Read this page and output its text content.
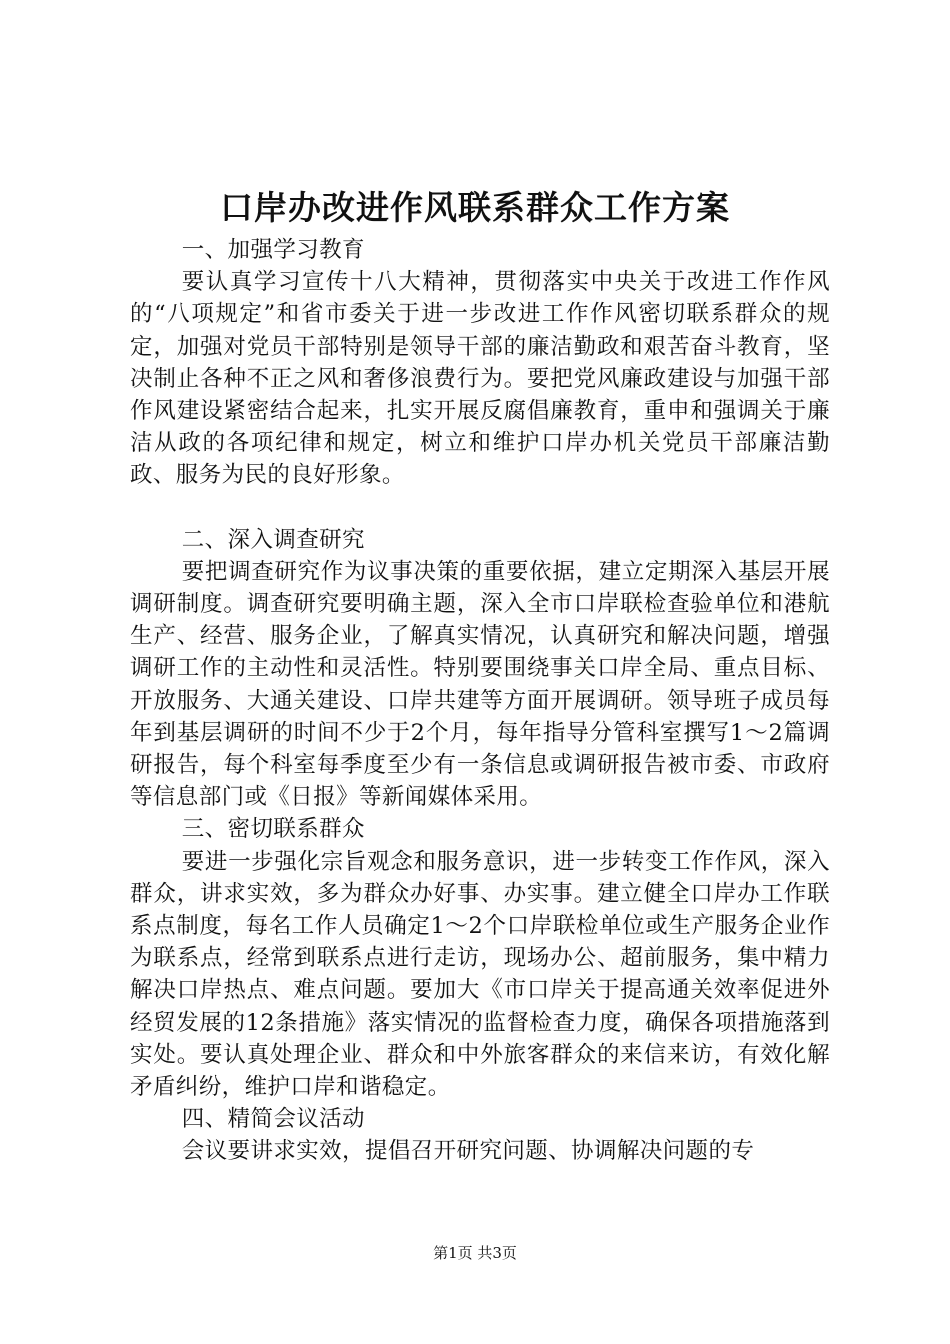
口岸办改进作风联系群众工作方案

一、加强学习教育

要认真学习宣传十八大精神，贯彻落实中央关于改进工作作风的“八项规定”和省市委关于进一步改进工作作风密切联系群众的规定，加强对党员干部特别是领导干部的廉洁勤政和艰苦奋斗教育，坚决制止各种不正之风和奢侈浪费行为。要把党风廉政建设与加强干部作风建设紧密结合起来，扎实开展反腐倡廉教育，重申和强调关于廉洁从政的各项纪律和规定，树立和维护口岸办机关党员干部廉洁勤政、服务为民的良好形象。

二、深入调查研究

要把调查研究作为议事决策的重要依据，建立定期深入基层开展调研制度。调查研究要明确主题，深入全市口岸联检查验单位和港航生产、经营、服务企业，了解真实情况，认真研究和解决问题，增强调研工作的主动性和灵活性。特别要围绕事关口岸全局、重点目标、开放服务、大通关建设、口岸共建等方面开展调研。领导班子成员每年到基层调研的时间不少于2个月，每年指导分管科室撰写1～2篇调研报告，每个科室每季度至少有一条信息或调研报告被市委、市政府等信息部门或《日报》等新闻媒体采用。

三、密切联系群众

要进一步强化宗旨观念和服务意识，进一步转变工作作风，深入群众，讲求实效，多为群众办好事、办实事。建立健全口岸办工作联系点制度，每名工作人员确定1～2个口岸联检单位或生产服务企业作为联系点，经常到联系点进行走访，现场办公、超前服务，集中精力解决口岸热点、难点问题。要加大《市口岸关于提高通关效率促进外经贸发展的12条措施》落实情况的监督检查力度，确保各项措施落到实处。要认真处理企业、群众和中外旅客群众的来信来访，有效化解矛盾纠纷，维护口岸和谐稳定。

四、精简会议活动

会议要讲求实效，提倡召开研究问题、协调解决问题的专

第1页 共3页
